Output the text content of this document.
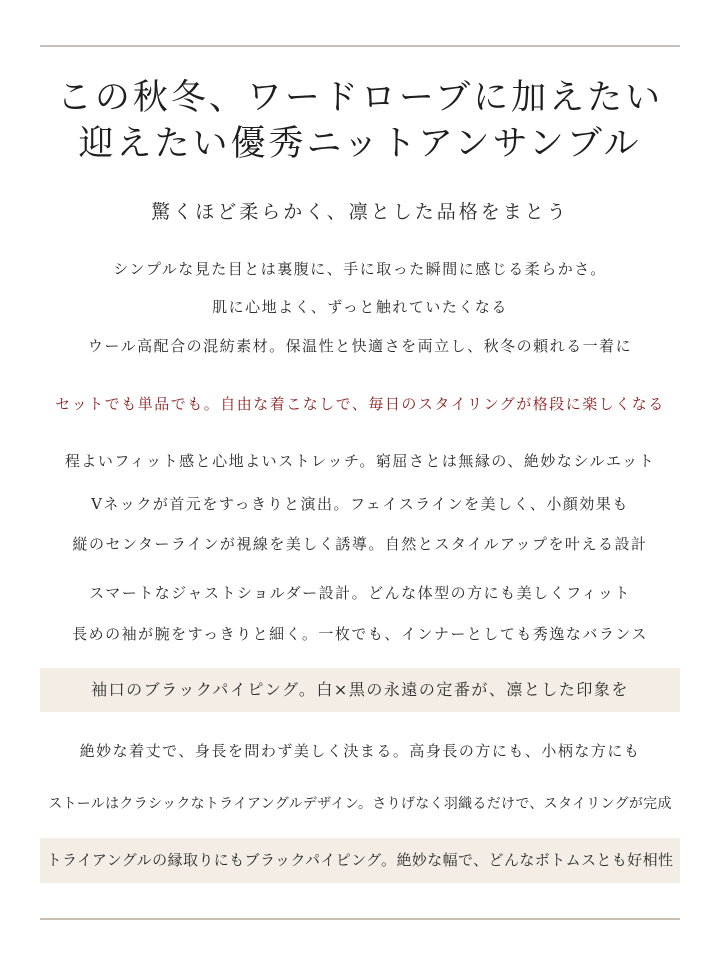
この秋冬、ワードローブに加えたい
迎えたい優秀ニットアンサンブル
驚くほど柔らかく、凛とした品格をまとう
シンプルな見た目とは裏腹に、手に取った瞬間に感じる柔らかさ。
肌に心地よく、ずっと触れていたくなる
ウール高配合の混紡素材。保温性と快適さを両立し、秋冬の頼れる一着に
セットでも単品でも。自由な着こなしで、毎日のスタイリングが格段に楽しくなる
程よいフィット感と心地よいストレッチ。窮屈さとは無縁の、絶妙なシルエット
Vネックが首元をすっきりと演出。フェイスラインを美しく、小顔効果も
縦のセンターラインが視線を美しく誘導。自然とスタイルアップを叶える設計
スマートなジャストショルダー設計。どんな体型の方にも美しくフィット
長めの袖が腕をすっきりと細く。一枚でも、インナーとしても秀逸なバランス
袖口のブラックパイピング。白×黒の永遠の定番が、凛とした印象を
絶妙な着丈で、身長を問わず美しく決まる。高身長の方にも、小柄な方にも
ストールはクラシックなトライアングルデザイン。さりげなく羽織るだけで、スタイリングが完成
トライアングルの縁取りにもブラックパイピング。絶妙な幅で、どんなボトムスとも好相性
